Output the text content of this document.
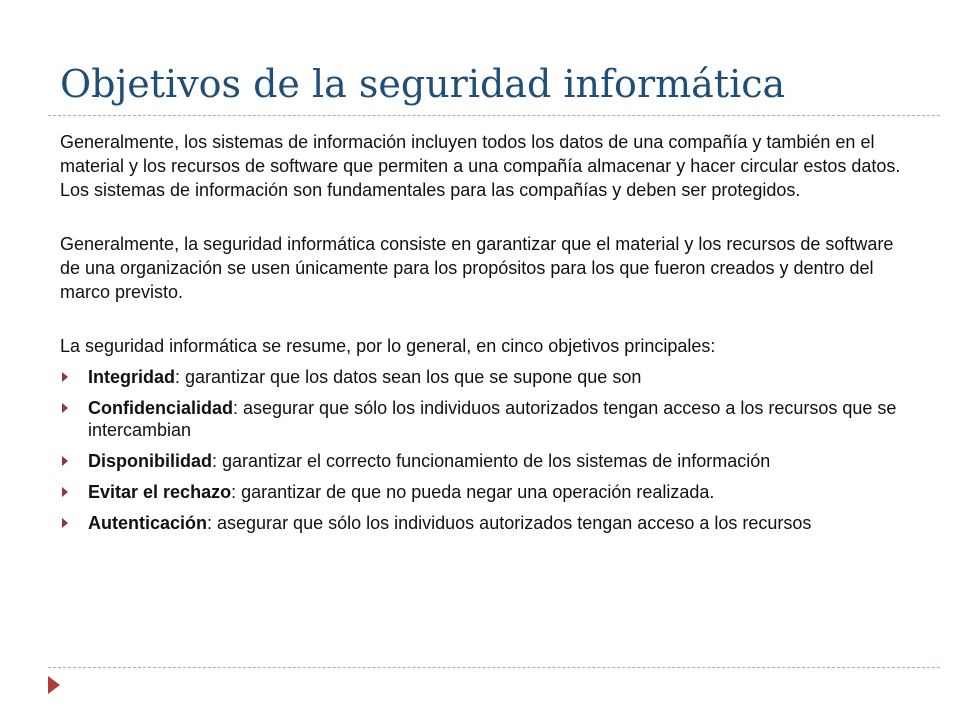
Objetivos de la seguridad informática

Generalmente, los sistemas de información incluyen todos los datos de una compañía y también en el material y los recursos de software que permiten a una compañía almacenar y hacer circular estos datos. Los sistemas de información son fundamentales para las compañías y deben ser protegidos.

Generalmente, la seguridad informática consiste en garantizar que el material y los recursos de software de una organización se usen únicamente para los propósitos para los que fueron creados y dentro del marco previsto.

La seguridad informática se resume, por lo general, en cinco objetivos principales:

Integridad: garantizar que los datos sean los que se supone que son
Confidencialidad: asegurar que sólo los individuos autorizados tengan acceso a los recursos que se intercambian
Disponibilidad: garantizar el correcto funcionamiento de los sistemas de información
Evitar el rechazo: garantizar de que no pueda negar una operación realizada.
Autenticación: asegurar que sólo los individuos autorizados tengan acceso a los recursos
